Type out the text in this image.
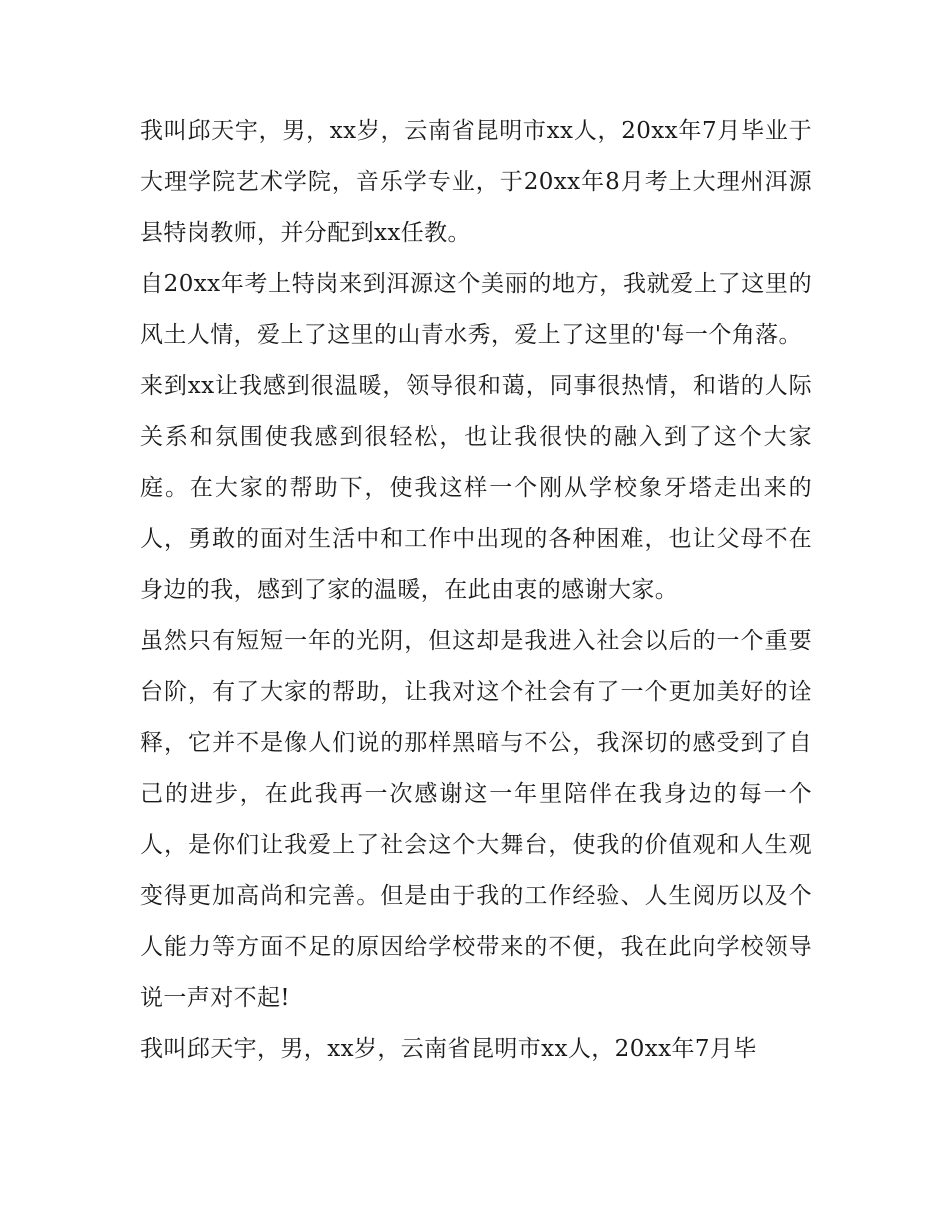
我叫邱天宇，男，xx岁，云南省昆明市xx人，20xx年7月毕业于大理学院艺术学院，音乐学专业，于20xx年8月考上大理州洱源县特岗教师，并分配到xx任教。

自20xx年考上特岗来到洱源这个美丽的地方，我就爱上了这里的风土人情，爱上了这里的山青水秀，爱上了这里的'每一个角落。

来到xx让我感到很温暖，领导很和蔼，同事很热情，和谐的人际关系和氛围使我感到很轻松，也让我很快的融入到了这个大家庭。在大家的帮助下，使我这样一个刚从学校象牙塔走出来的人，勇敢的面对生活中和工作中出现的各种困难，也让父母不在身边的我，感到了家的温暖，在此由衷的感谢大家。

虽然只有短短一年的光阴，但这却是我进入社会以后的一个重要台阶，有了大家的帮助，让我对这个社会有了一个更加美好的诠释，它并不是像人们说的那样黑暗与不公，我深切的感受到了自己的进步，在此我再一次感谢这一年里陪伴在我身边的每一个人，是你们让我爱上了社会这个大舞台，使我的价值观和人生观变得更加高尚和完善。但是由于我的工作经验、人生阅历以及个人能力等方面不足的原因给学校带来的不便，我在此向学校领导说一声对不起!

我叫邱天宇，男，xx岁，云南省昆明市xx人，20xx年7月毕
